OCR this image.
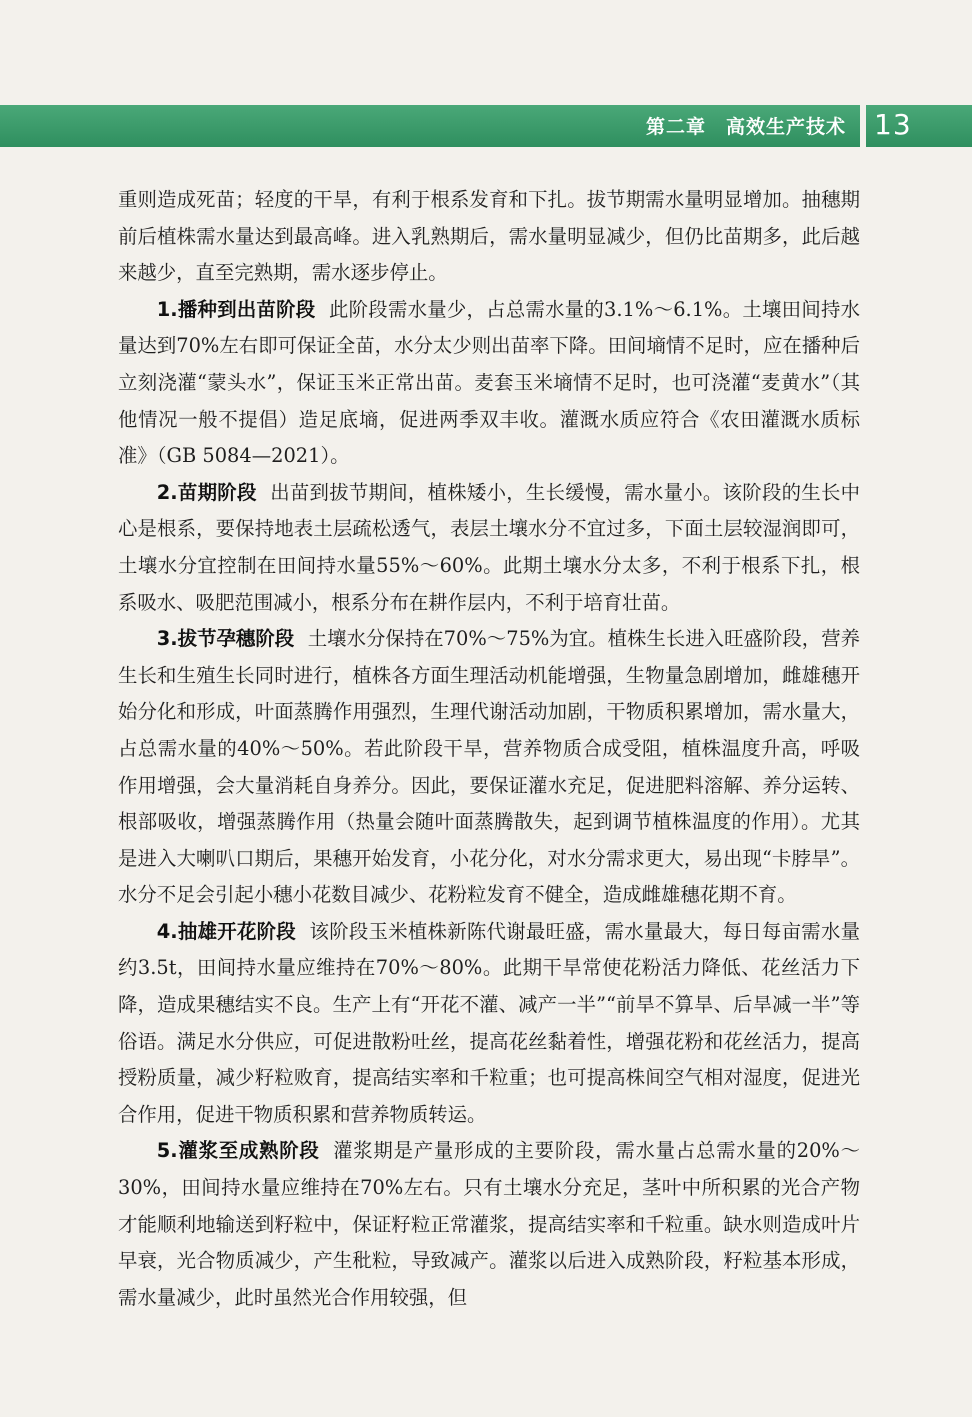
第二章　高效生产技术 13

重则造成死苗；轻度的干旱，有利于根系发育和下扎。拔节期需水量明显增加。抽穗期前后植株需水量达到最高峰。进入乳熟期后，需水量明显减少，但仍比苗期多，此后越来越少，直至完熟期，需水逐步停止。

1.播种到出苗阶段 此阶段需水量少，占总需水量的3.1%～6.1%。土壤田间持水量达到70%左右即可保证全苗，水分太少则出苗率下降。田间墒情不足时，应在播种后立刻浇灌“蒙头水”，保证玉米正常出苗。麦套玉米墒情不足时，也可浇灌“麦黄水”（其他情况一般不提倡）造足底墒，促进两季双丰收。灌溉水质应符合《农田灌溉水质标准》（GB 5084—2021）。

2.苗期阶段 出苗到拔节期间，植株矮小，生长缓慢，需水量小。该阶段的生长中心是根系，要保持地表土层疏松透气，表层土壤水分不宜过多，下面土层较湿润即可，土壤水分宜控制在田间持水量55%～60%。此期土壤水分太多，不利于根系下扎，根系吸水、吸肥范围减小，根系分布在耕作层内，不利于培育壮苗。

3.拔节孕穗阶段 土壤水分保持在70%～75%为宜。植株生长进入旺盛阶段，营养生长和生殖生长同时进行，植株各方面生理活动机能增强，生物量急剧增加，雌雄穗开始分化和形成，叶面蒸腾作用强烈，生理代谢活动加剧，干物质积累增加，需水量大，占总需水量的40%～50%。若此阶段干旱，营养物质合成受阻，植株温度升高，呼吸作用增强，会大量消耗自身养分。因此，要保证灌水充足，促进肥料溶解、养分运转、根部吸收，增强蒸腾作用（热量会随叶面蒸腾散失，起到调节植株温度的作用）。尤其是进入大喇叭口期后，果穗开始发育，小花分化，对水分需求更大，易出现“卡脖旱”。水分不足会引起小穗小花数目减少、花粉粒发育不健全，造成雌雄穗花期不育。

4.抽雄开花阶段 该阶段玉米植株新陈代谢最旺盛，需水量最大，每日每亩需水量约3.5t，田间持水量应维持在70%～80%。此期干旱常使花粉活力降低、花丝活力下降，造成果穗结实不良。生产上有“开花不灌、减产一半”“前旱不算旱、后旱减一半”等俗语。满足水分供应，可促进散粉吐丝，提高花丝黏着性，增强花粉和花丝活力，提高授粉质量，减少籽粒败育，提高结实率和千粒重；也可提高株间空气相对湿度，促进光合作用，促进干物质积累和营养物质转运。

5.灌浆至成熟阶段 灌浆期是产量形成的主要阶段，需水量占总需水量的20%～30%，田间持水量应维持在70%左右。只有土壤水分充足，茎叶中所积累的光合产物才能顺利地输送到籽粒中，保证籽粒正常灌浆，提高结实率和千粒重。缺水则造成叶片早衰，光合物质减少，产生秕粒，导致减产。灌浆以后进入成熟阶段，籽粒基本形成，需水量减少，此时虽然光合作用较强，但
